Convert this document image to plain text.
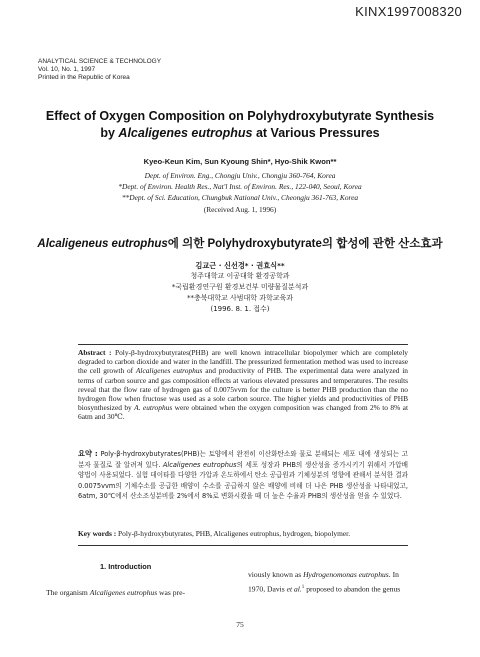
KINX1997008320
ANALYTICAL SCIENCE & TECHNOLOGY
Vol. 10, No. 1, 1997
Printed in the Republic of Korea
Effect of Oxygen Composition on Polyhydroxybutyrate Synthesis
by Alcaligenes eutrophus at Various Pressures
Kyeo-Keun Kim, Sun Kyoung Shin*, Hyo-Shik Kwon**
Dept. of Environ. Eng., Chongju Univ., Chongju 360-764, Korea
*Dept. of Environ. Health Res., Nat'l Inst. of Environ. Res., 122-040, Seoul, Korea
**Dept. of Sci. Education, Chungbuk National Univ., Cheongju 361-763, Korea
(Received Aug. 1, 1996)
Alcaligeneus eutrophus에 의한 Polyhydroxybutyrate의 합성에 관한 산소효과
김교근 · 신선경* · 권효식**
청주대학교 이공대학 환경공학과
*국립환경연구원 환경보건부 미량물질분석과
**충북대학교 사범대학 과학교육과
(1996. 8. 1. 접수)
Abstract : Poly-β-hydroxybutyrates(PHB) are well known intracellular biopolymer which are completely degraded to carbon dioxide and water in the landfill. The pressurized fermentation method was used to increase the cell growth of Alcaligenes eutrophus and productivity of PHB. The experimental data were analyzed in terms of carbon source and gas composition effects at various elevated pressures and temperatures. The results reveal that the flow rate of hydrogen gas of 0.0075vvm for the culture is better PHB production than the no hydrogen flow when fructose was used as a sole carbon source. The higher yields and productivities of PHB biosynthesized by A. eutrophus were obtained when the oxygen composition was changed from 2% to 8% at 6atm and 30℃.
요약 : Poly-β-hydroxybutyrates(PHB)는 토양에서 완전히 이산화탄소와 물로 분해되는 세포 내에 생성되는 고분자 물질로 잘 알려져 있다. Alcaligenes eutrophus의 세포 성장과 PHB의 생산성을 증가시키기 위해서 가압배양법이 사용되었다. 실험 데이타를 다양한 가압과 온도하에서 탄소 공급원과 기체성분의 영향에 관해서 분석한 결과 0.0075vvm의 기체수소를 공급한 배양이 수소를 공급하지 않은 배양에 비해 더 나은 PHB 생산성을 나타내었고, 6atm, 30℃에서 산소조성분비를 2%에서 8%로 변화시켰을 때 더 높은 수율과 PHB의 생산성을 얻을 수 있었다.
Key words : Poly-β-hydroxybutyrates, PHB, Alcaligenes eutrophus, hydrogen, biopolymer.
1. Introduction
The organism Alcaligenes eutrophus was pre-
viously known as Hydrogenomonas eutrophus. In
1970, Davis et al.$^1$ proposed to abandon the genus
75
